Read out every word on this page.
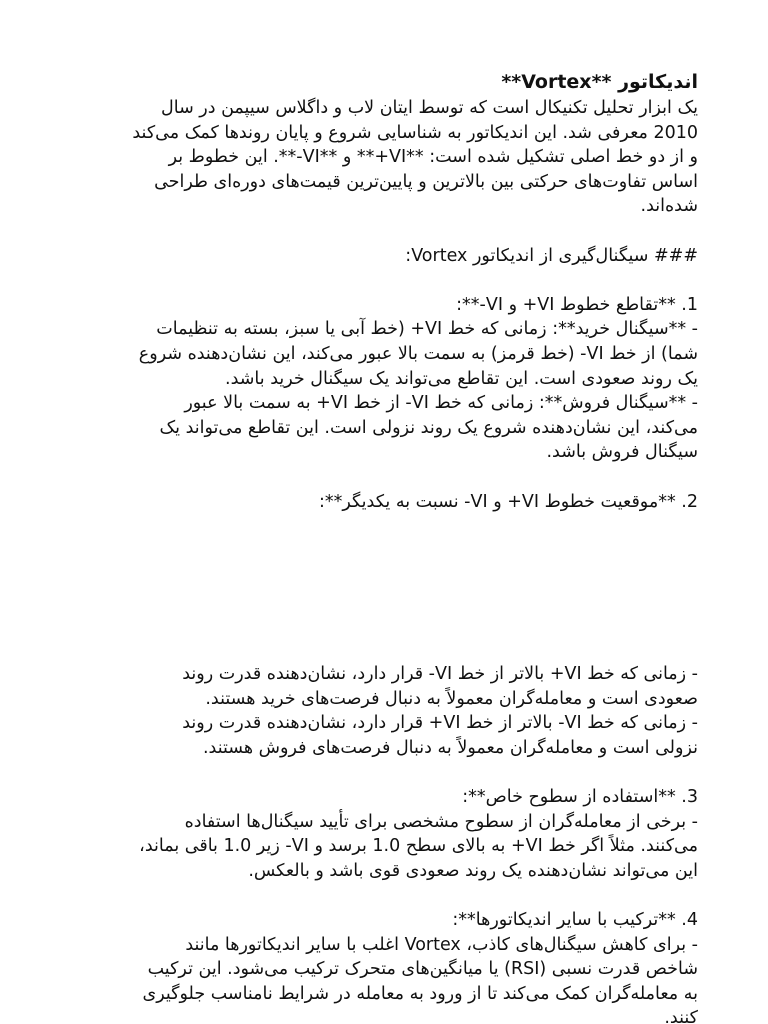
اندیکاتور **Vortex**
یک ابزار تحلیل تکنیکال است که توسط ایتان لاب و داگلاس سیپمن در سال
2010 معرفی شد. این اندیکاتور به شناسایی شروع و پایان روندها کمک می‌کند
و از دو خط اصلی تشکیل شده است: **VI+** و **VI-**. این خطوط بر
اساس تفاوت‌های حرکتی بین بالاترین و پایین‌ترین قیمت‌های دوره‌ای طراحی
شده‌اند.
### سیگنال‌گیری از اندیکاتور Vortex:
1. **تقاطع خطوط VI+ و VI-**:
- **سیگنال خرید**: زمانی که خط VI+ (خط آبی یا سبز، بسته به تنظیمات
شما) از خط VI- (خط قرمز) به سمت بالا عبور می‌کند، این نشان‌دهنده شروع
یک روند صعودی است. این تقاطع می‌تواند یک سیگنال خرید باشد.
- **سیگنال فروش**: زمانی که خط VI- از خط VI+ به سمت بالا عبور
می‌کند، این نشان‌دهنده شروع یک روند نزولی است. این تقاطع می‌تواند یک
سیگنال فروش باشد.
2. **موقعیت خطوط VI+ و VI- نسبت به یکدیگر**:
- زمانی که خط VI+ بالاتر از خط VI- قرار دارد، نشان‌دهنده قدرت روند
صعودی است و معامله‌گران معمولاً به دنبال فرصت‌های خرید هستند.
- زمانی که خط VI- بالاتر از خط VI+ قرار دارد، نشان‌دهنده قدرت روند
نزولی است و معامله‌گران معمولاً به دنبال فرصت‌های فروش هستند.
3. **استفاده از سطوح خاص**:
- برخی از معامله‌گران از سطوح مشخصی برای تأیید سیگنال‌ها استفاده
می‌کنند. مثلاً اگر خط VI+ به بالای سطح 1.0 برسد و VI- زیر 1.0 باقی بماند،
این می‌تواند نشان‌دهنده یک روند صعودی قوی باشد و بالعکس.
4. **ترکیب با سایر اندیکاتورها**:
- برای کاهش سیگنال‌های کاذب، Vortex اغلب با سایر اندیکاتورها مانند
شاخص قدرت نسبی (RSI) یا میانگین‌های متحرک ترکیب می‌شود. این ترکیب
به معامله‌گران کمک می‌کند تا از ورود به معامله در شرایط نامناسب جلوگیری
کنند.
